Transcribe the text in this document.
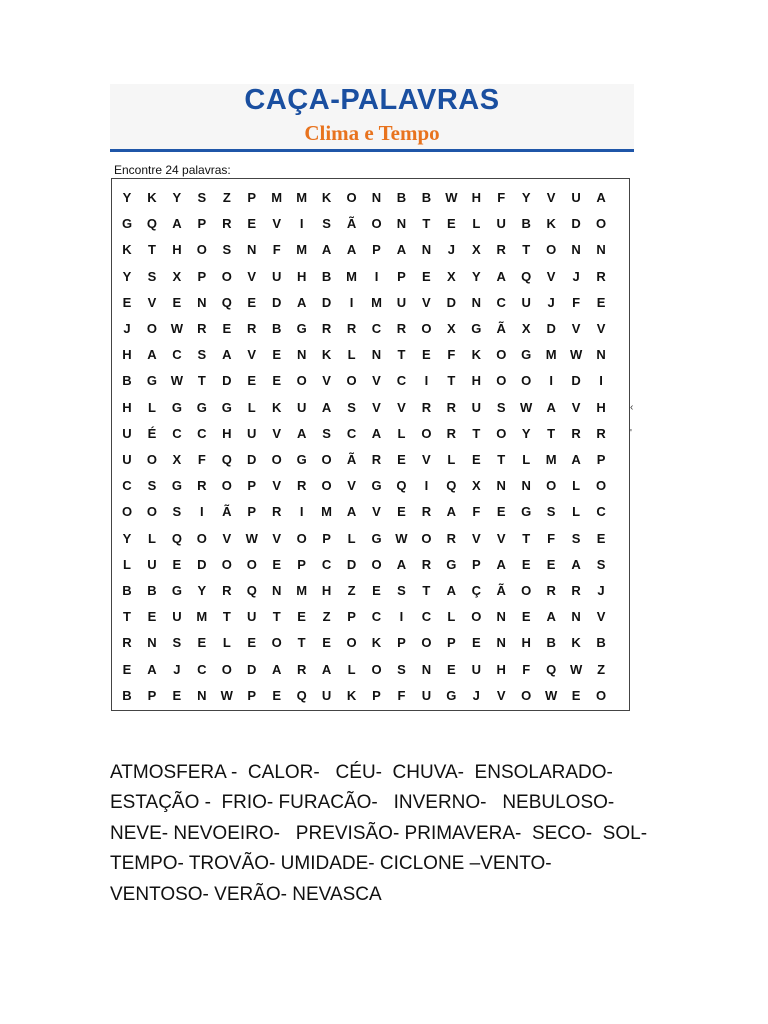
CAÇA-PALAVRAS
Clima e Tempo
Encontre 24 palavras:
Y	K	Y	S	Z	P	M	M	K	O	N	B	B	W	H	F	Y	V	U	A
G	Q	A	P	R	E	V	I	S	Ã	O	N	T	E	L	U	B	K	D	O
K	T	H	O	S	N	F	M	A	A	P	A	N	J	X	R	T	O	N	N
Y	S	X	P	O	V	U	H	B	M	I	P	E	X	Y	A	Q	V	J	R
E	V	E	N	Q	E	D	A	D	I	M	U	V	D	N	C	U	J	F	E
J	O	W	R	E	R	B	G	R	R	C	R	O	X	G	Ã	X	D	V	V
H	A	C	S	A	V	E	N	K	L	N	T	E	F	K	O	G	M	W	N
B	G	W	T	D	E	E	O	V	O	V	C	I	T	H	O	O	I	D	I
H	L	G	G	G	L	K	U	A	S	V	V	R	R	U	S	W	A	V	H	‹
U	É	C	C	H	U	V	A	S	C	A	L	O	R	T	O	Y	T	R	R	'
U	O	X	F	Q	D	O	G	O	Ã	R	E	V	L	E	T	L	M	A	P
C	S	G	R	O	P	V	R	O	V	G	Q	I	Q	X	N	N	O	L	O
O	O	S	I	Ã	P	R	I	M	A	V	E	R	A	F	E	G	S	L	C
Y	L	Q	O	V	W	V	O	P	L	G	W	O	R	V	V	T	F	S	E
L	U	E	D	O	O	E	P	C	D	O	A	R	G	P	A	E	E	A	S
B	B	G	Y	R	Q	N	M	H	Z	E	S	T	A	Ç	Ã	O	R	R	J
T	E	U	M	T	U	T	E	Z	P	C	I	C	L	O	N	E	A	N	V
R	N	S	E	L	E	O	T	E	O	K	P	O	P	E	N	H	B	K	B
E	A	J	C	O	D	A	R	A	L	O	S	N	E	U	H	F	Q	W	Z
B	P	E	N	W	P	E	Q	U	K	P	F	U	G	J	V	O	W	E	O
ATMOSFERA -  CALOR-   CÉU-  CHUVA-  ENSOLARADO-
ESTAÇÃO -  FRIO- FURACÃO-   INVERNO-   NEBULOSO-
NEVE- NEVOEIRO-   PREVISÃO- PRIMAVERA-  SECO-  SOL-
TEMPO- TROVÃO- UMIDADE- CICLONE –VENTO-
VENTOSO- VERÃO- NEVASCA
